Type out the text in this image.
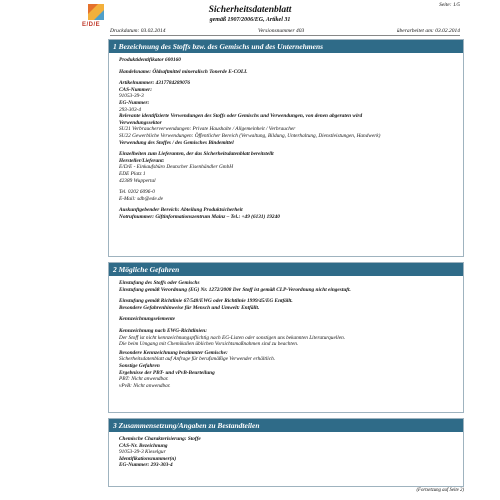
E/D/E
Seite: 1/5
Sicherheitsdatenblatt
gemäß 1907/2006/EG, Artikel 31
Druckdatum: 03.02.2014	Versionsnummer 403	überarbeitet am: 03.02.2014
1 Bezeichnung des Stoffs bzw. des Gemischs und des Unternehmens
Produktidentifikator 600160
Handelsname: Öldsaftmittel mineralisch Tonerde E-COLL
Artikelnummer: 4317784289076
CAS-Nummer:
91053-39-3
EG-Nummer:
293-303-4
Relevante identifizierte Verwendungen des Stoffs oder Gemischs und Verwendungen, von denen abgeraten wird
Verwendungssektor
SU21 Verbraucherverwendungen: Private Haushalte / Allgemeinheit / Verbraucher
SU22 Gewerbliche Verwendungen: Öffentlicher Bereich (Verwaltung, Bildung, Unterhaltung, Dienstleistungen, Handwerk)
Verwendung des Stoffes / des Gemisches Bindemittel
Einzelheiten zum Lieferanten, der das Sicherheitsdatenblatt bereitstellt
Hersteller/Lieferant:
E/D/E - Einkaufsbüro Deutscher Eisenhändler GmbH
EDE Platz 1
42389 Wuppertal
Tel. 0202 6096-0
E-Mail: sdb@ede.de
Auskunftgebender Bereich: Abteilung Produktsicherheit
Notrufnummer: Giftinformationszentrum Mainz – Tel.: +49 (6131) 19240
2 Mögliche Gefahren
Einstufung des Stoffs oder Gemischs
Einstufung gemäß Verordnung (EG) Nr. 1272/2008 Der Stoff ist gemäß CLP-Verordnung nicht eingestuft.
Einstufung gemäß Richtlinie 67/548/EWG oder Richtlinie 1999/45/EG Entfällt.
Besondere Gefahrenhinweise für Mensch und Umwelt: Entfällt.
Kennzeichnungselemente
Kennzeichnung nach EWG-Richtlinien:
Der Stoff ist nicht kennzeichnungspflichtig nach EG-Listen oder sonstigen uns bekannten Literaturquellen.
Die beim Umgang mit Chemikalien üblichen Vorsichtsmaßnahmen sind zu beachten.
Besondere Kennzeichnung bestimmter Gemische:
Sicherheitsdatenblatt auf Anfrage für berufsmäßige Verwender erhältlich.
Sonstige Gefahren
Ergebnisse der PBT- und vPvB-Beurteilung
PBT: Nicht anwendbar.
vPvB: Nicht anwendbar.
3 Zusammensetzung/Angaben zu Bestandteilen
Chemische Charakterisierung: Stoffe
CAS-Nr. Bezeichnung
91053-39-3 Kieselgur
Identifikationsnummer(n)
EG-Nummer: 293-303-4
(Fortsetzung auf Seite 2)
